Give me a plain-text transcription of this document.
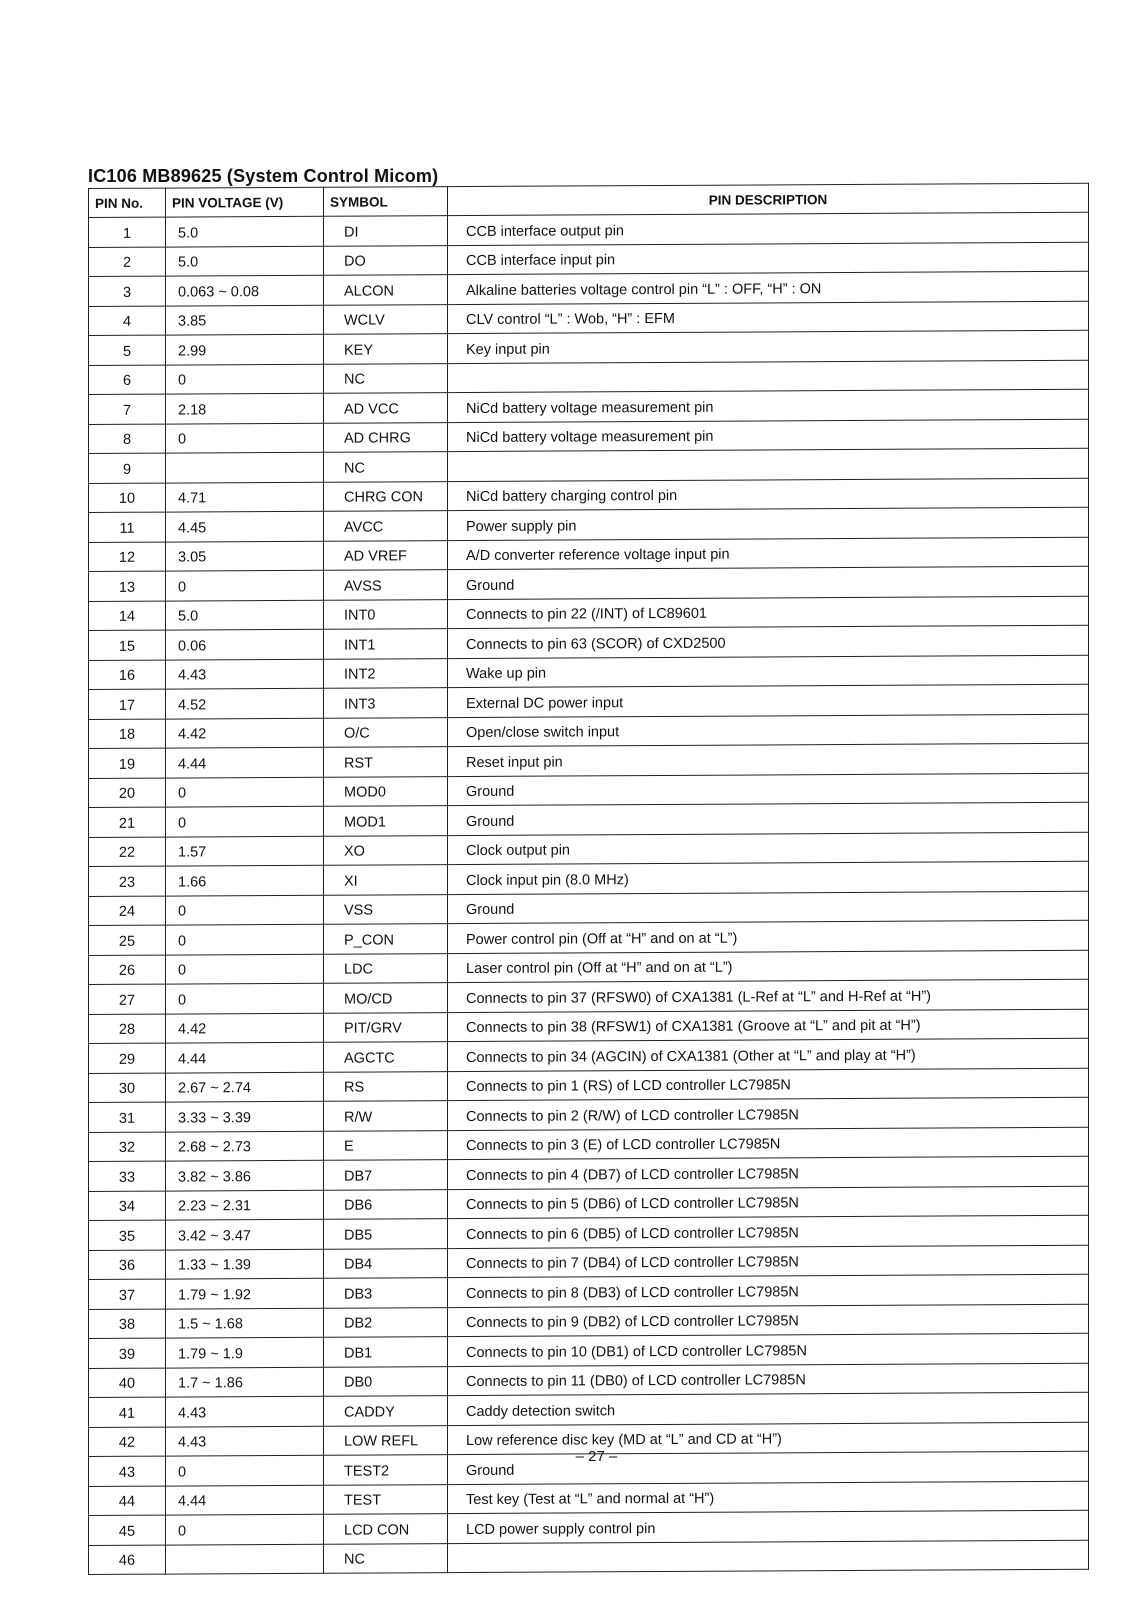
IC106 MB89625 (System Control Micom)
PIN No.	PIN VOLTAGE (V)	SYMBOL	PIN DESCRIPTION
1	5.0	DI	CCB interface output pin
2	5.0	DO	CCB interface input pin
3	0.063 ~ 0.08	ALCON	Alkaline batteries voltage control pin “L” : OFF, “H” : ON
4	3.85	WCLV	CLV control “L” : Wob, “H” : EFM
5	2.99	KEY	Key input pin
6	0	NC	
7	2.18	AD VCC	NiCd battery voltage measurement pin
8	0	AD CHRG	NiCd battery voltage measurement pin
9		NC	
10	4.71	CHRG CON	NiCd battery charging control pin
11	4.45	AVCC	Power supply pin
12	3.05	AD VREF	A/D converter reference voltage input pin
13	0	AVSS	Ground
14	5.0	INT0	Connects to pin 22 (/INT) of LC89601
15	0.06	INT1	Connects to pin 63 (SCOR) of CXD2500
16	4.43	INT2	Wake up pin
17	4.52	INT3	External DC power input
18	4.42	O/C	Open/close switch input
19	4.44	RST	Reset input pin
20	0	MOD0	Ground
21	0	MOD1	Ground
22	1.57	XO	Clock output pin
23	1.66	XI	Clock input pin (8.0 MHz)
24	0	VSS	Ground
25	0	P_CON	Power control pin (Off at “H” and on at “L”)
26	0	LDC	Laser control pin (Off at “H” and on at “L”)
27	0	MO/CD	Connects to pin 37 (RFSW0) of CXA1381 (L-Ref at “L” and H-Ref at “H”)
28	4.42	PIT/GRV	Connects to pin 38 (RFSW1) of CXA1381 (Groove at “L” and pit at “H”)
29	4.44	AGCTC	Connects to pin 34 (AGCIN) of CXA1381 (Other at “L” and play at “H”)
30	2.67 ~ 2.74	RS	Connects to pin 1 (RS) of LCD controller LC7985N
31	3.33 ~ 3.39	R/W	Connects to pin 2 (R/W) of LCD controller LC7985N
32	2.68 ~ 2.73	E	Connects to pin 3 (E) of LCD controller LC7985N
33	3.82 ~ 3.86	DB7	Connects to pin 4 (DB7) of LCD controller LC7985N
34	2.23 ~ 2.31	DB6	Connects to pin 5 (DB6) of LCD controller LC7985N
35	3.42 ~ 3.47	DB5	Connects to pin 6 (DB5) of LCD controller LC7985N
36	1.33 ~ 1.39	DB4	Connects to pin 7 (DB4) of LCD controller LC7985N
37	1.79 ~ 1.92	DB3	Connects to pin 8 (DB3) of LCD controller LC7985N
38	1.5 ~ 1.68	DB2	Connects to pin 9 (DB2) of LCD controller LC7985N
39	1.79 ~ 1.9	DB1	Connects to pin 10 (DB1) of LCD controller LC7985N
40	1.7 ~ 1.86	DB0	Connects to pin 11 (DB0) of LCD controller LC7985N
41	4.43	CADDY	Caddy detection switch
42	4.43	LOW REFL	Low reference disc key (MD at “L” and CD at “H”)
43	0	TEST2	Ground
44	4.44	TEST	Test key (Test at “L” and normal at “H”)
45	0	LCD CON	LCD power supply control pin
46		NC	
– 27 –
